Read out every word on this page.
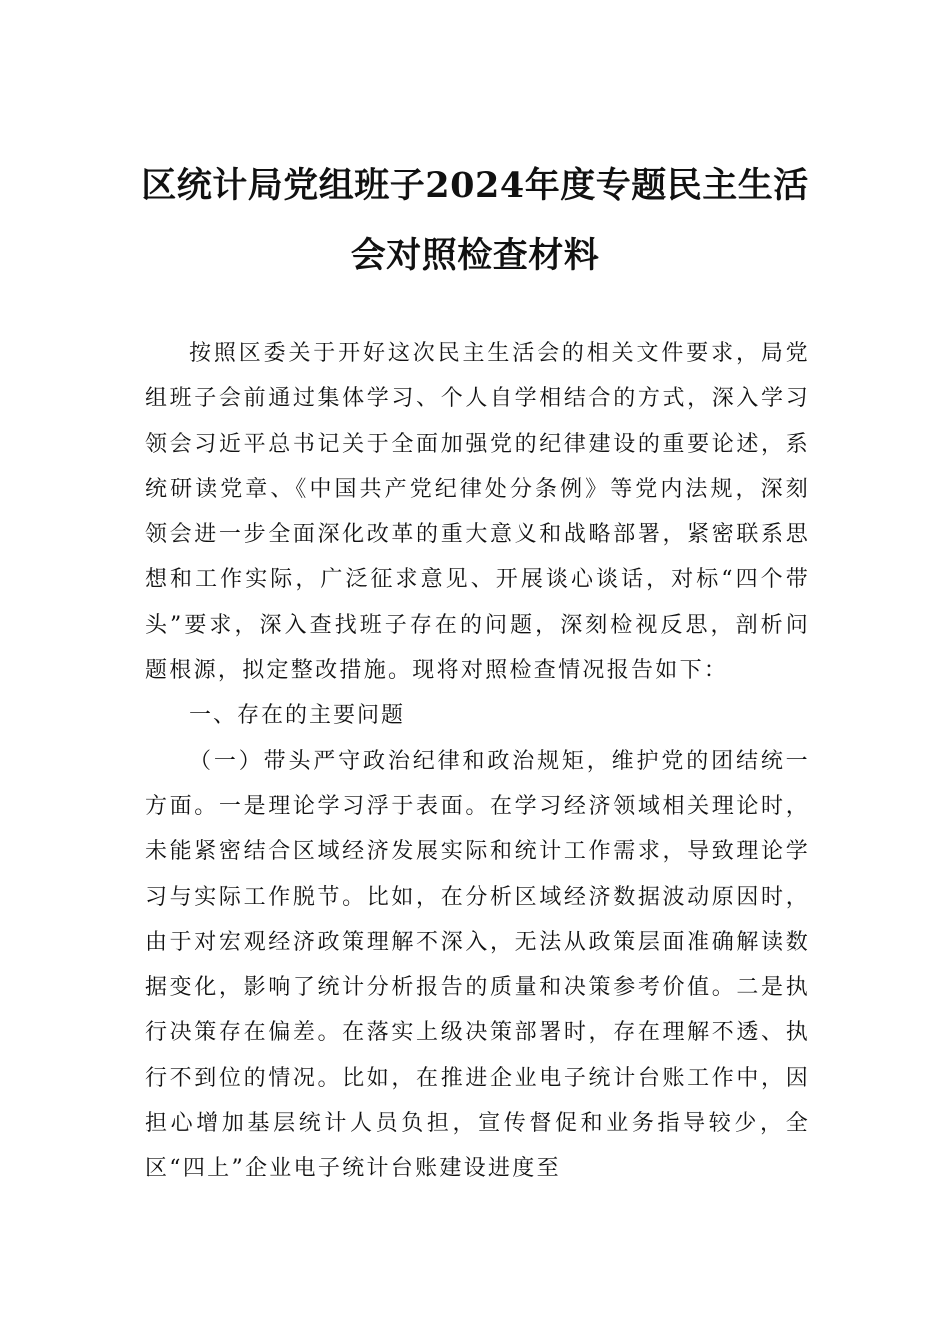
区统计局党组班子2024年度专题民主生活
会对照检查材料

按照区委关于开好这次民主生活会的相关文件要求，局党组班子会前通过集体学习、个人自学相结合的方式，深入学习领会习近平总书记关于全面加强党的纪律建设的重要论述，系统研读党章、《中国共产党纪律处分条例》等党内法规，深刻领会进一步全面深化改革的重大意义和战略部署，紧密联系思想和工作实际，广泛征求意见、开展谈心谈话，对标“四个带头”要求，深入查找班子存在的问题，深刻检视反思，剖析问题根源，拟定整改措施。现将对照检查情况报告如下：

一、存在的主要问题

（一）带头严守政治纪律和政治规矩，维护党的团结统一方面。一是理论学习浮于表面。在学习经济领域相关理论时，未能紧密结合区域经济发展实际和统计工作需求，导致理论学习与实际工作脱节。比如，在分析区域经济数据波动原因时，由于对宏观经济政策理解不深入，无法从政策层面准确解读数据变化，影响了统计分析报告的质量和决策参考价值。二是执行决策存在偏差。在落实上级决策部署时，存在理解不透、执行不到位的情况。比如，在推进企业电子统计台账工作中，因担心增加基层统计人员负担，宣传督促和业务指导较少，全区“四上”企业电子统计台账建设进度至
